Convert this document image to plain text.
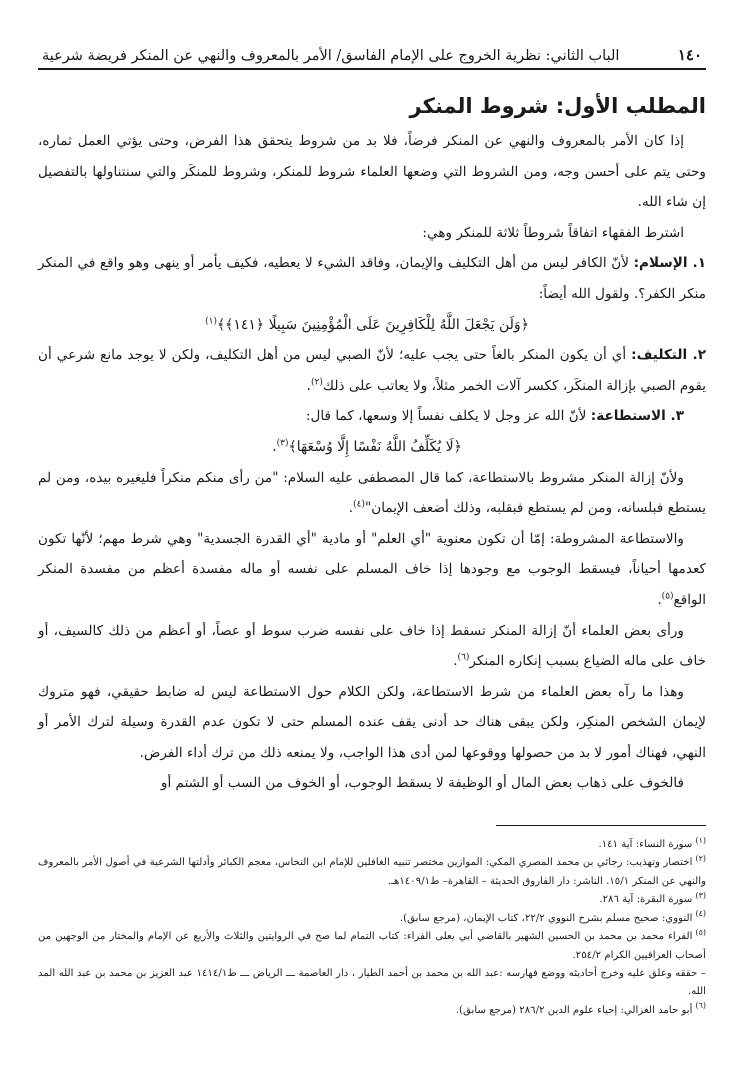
١٤٠
الباب الثاني: نظرية الخروج على الإمام الفاسق/ الأمر بالمعروف والنهي عن المنكر فريضة شرعية
المطلب الأول: شروط المنكر

إذا كان الأمر بالمعروف والنهي عن المنكر فرضاً، فلا بد من شروط يتحقق هذا الفرض، وحتى يؤتي العمل ثماره، وحتى يتم على أحسن وجه، ومن الشروط التي وضعها العلماء شروط للمنكر، وشروط للمنكَر والتي سنتناولها بالتفصيل إن شاء الله.

اشترط الفقهاء اتفاقاً شروطاً ثلاثة للمنكر وهي:

١. الإسلام: لأنّ الكافر ليس من أهل التكليف والإيمان، وفاقد الشيء لا يعطيه، فكيف يأمر أو ينهى وهو واقع في المنكر منكر الكفر؟. ولقول الله أيضاً:

﴿وَلَن يَجْعَلَ اللَّهُ لِلْكَافِرِينَ عَلَى الْمُؤْمِنِينَ سَبِيلًا ﴿١٤١﴾﴾$^{(١)}$

٢. التكليف: أي أن يكون المنكر بالغاً حتى يجب عليه؛ لأنّ الصبي ليس من أهل التكليف، ولكن لا يوجد مانع شرعي أن يقوم الصبي بإزالة المنكَر، ككسر آلات الخمر مثلاً، ولا يعاتب على ذلك$^{(٢)}$.

٣. الاستطاعة: لأنّ الله عز وجل لا يكلف نفساً إلا وسعها، كما قال:

﴿لَا يُكَلِّفُ اللَّهُ نَفْسًا إِلَّا وُسْعَهَا﴾$^{(٣)}$.

ولأنّ إزالة المنكر مشروط بالاستطاعة، كما قال المصطفى عليه السلام: "من رأى منكم منكراً فليغيره بيده، ومن لم يستطع فبلسانه، ومن لم يستطع فبقلبه، وذلك أضعف الإيمان"$^{(٤)}$.

والاستطاعة المشروطة: إمّا أن تكون معنوية "أي العلم" أو مادية "أي القدرة الجسدية" وهي شرط مهم؛ لأنّها تكون كعدمها أحياناً، فيسقط الوجوب مع وجودها إذا خاف المسلم على نفسه أو ماله مفسدة أعظم من مفسدة المنكر الواقع$^{(٥)}$.

ورأى بعض العلماء أنّ إزالة المنكر تسقط إذا خاف على نفسه ضرب سوط أو عصاً، أو أعظم من ذلك كالسيف، أو خاف على ماله الضياع بسبب إنكاره المنكر$^{(٦)}$.

وهذا ما رآه بعض العلماء من شرط الاستطاعة، ولكن الكلام حول الاستطاعة ليس له ضابط حقيقي، فهو متروك لإيمان الشخص المنكِر، ولكن يبقى هناك حد أدنى يقف عنده المسلم حتى لا تكون عدم القدرة وسيلة لترك الأمر أو النهي، فهناك أمور لا بد من حصولها ووقوعها لمن أدى هذا الواجب، ولا يمنعه ذلك من ترك أداء الفرض.

فالخوف على ذهاب بعض المال أو الوظيفة لا يسقط الوجوب، أو الخوف من السب أو الشتم أو

$^{(١)}$سورة النساء: آية ١٤١.

$^{(٢)}$اختصار وتهذيب: رجائي بن محمد المصري المكي: الموازين مختصر تنبيه الغافلين للإمام ابن النحاس، معجم الكبائر وأدلتها الشرعية في أصول الأمر بالمعروف والنهي عن المنكر ١٥/١. الناشر: دار الفاروق الحديثة – القاهرة– ط١٤٠٩/١هـ.

$^{(٣)}$سورة البقرة: آية ٢٨٦.

$^{(٤)}$النووي: صحيح مسلم بشرح النووي ٢٢/٢، كتاب الإيمان، (مرجع سابق).

$^{(٥)}$الفراء محمد بن محمد بن الحسين الشهير بالقاضي أبي يعلى الفراء: كتاب التمام لما صح في الروايتين والثلاث والأربع عن الإمام والمختار من الوجهين من أصحاب العراقيين الكرام ٢٥٤/٢.

– حققه وعلق عليه وخرج أحاديثه ووضع فهارسه :عبد الله بن محمد بن أحمد الطيار ، دار العاصمة ـــ الرياض ـــ ط١٤١٤/١ عبد العزيز بن محمد بن عبد الله المد الله.

$^{(٦)}$أبو حامد الغزالي: إحياء علوم الدين ٢٨٦/٢ (مرجع سابق).
